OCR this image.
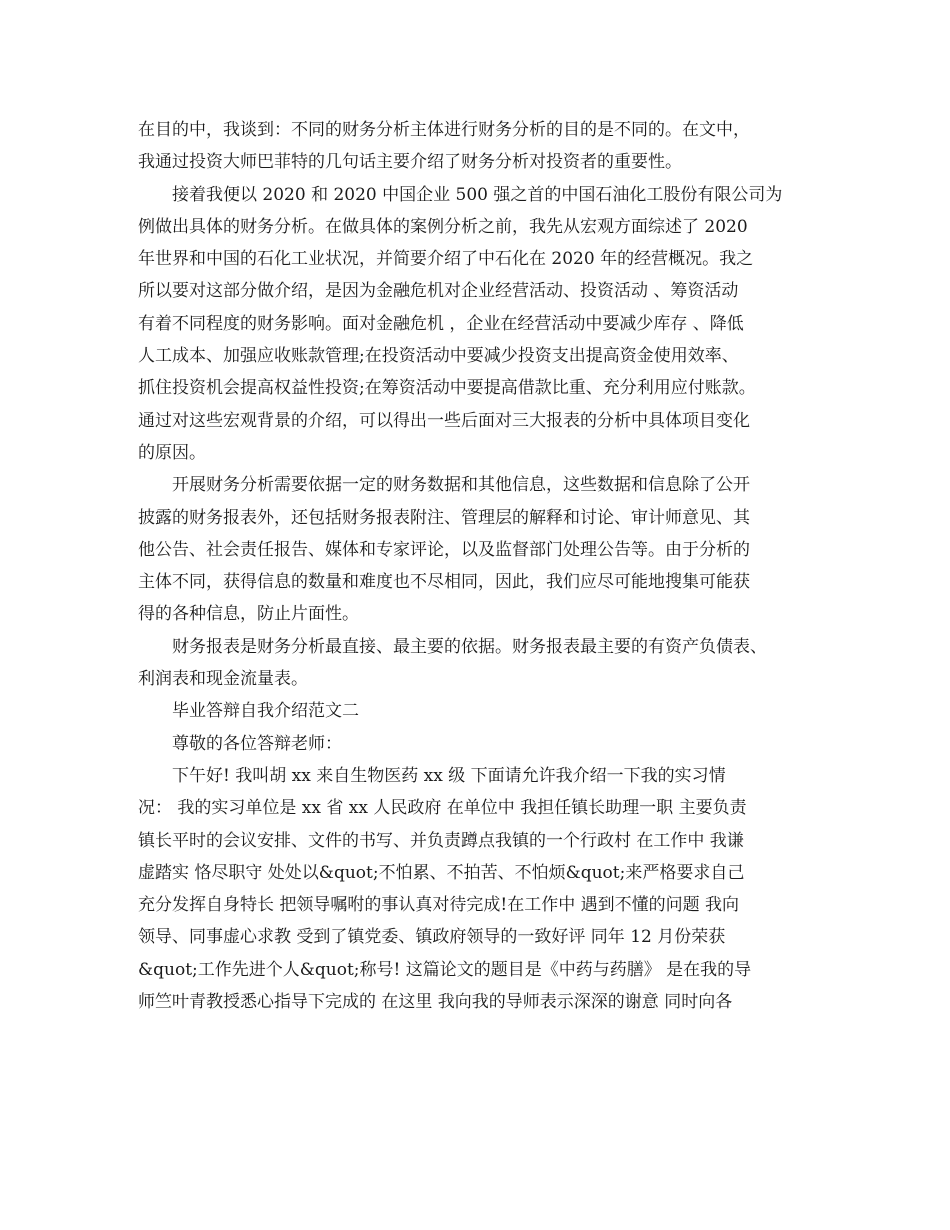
在目的中，我谈到：不同的财务分析主体进行财务分析的目的是不同的。在文中，
我通过投资大师巴菲特的几句话主要介绍了财务分析对投资者的重要性。
接着我便以 2020 和 2020 中国企业 500 强之首的中国石油化工股份有限公司为
例做出具体的财务分析。在做具体的案例分析之前，我先从宏观方面综述了 2020
年世界和中国的石化工业状况，并简要介绍了中石化在 2020 年的经营概况。我之
所以要对这部分做介绍，是因为金融危机对企业经营活动、投资活动 、筹资活动
有着不同程度的财务影响。面对金融危机 ，企业在经营活动中要减少库存 、降低
人工成本、加强应收账款管理;在投资活动中要减少投资支出提高资金使用效率、
抓住投资机会提高权益性投资;在筹资活动中要提高借款比重、充分利用应付账款。
通过对这些宏观背景的介绍，可以得出一些后面对三大报表的分析中具体项目变化
的原因。
开展财务分析需要依据一定的财务数据和其他信息，这些数据和信息除了公开
披露的财务报表外，还包括财务报表附注、管理层的解释和讨论、审计师意见、其
他公告、社会责任报告、媒体和专家评论，以及监督部门处理公告等。由于分析的
主体不同，获得信息的数量和难度也不尽相同，因此，我们应尽可能地搜集可能获
得的各种信息，防止片面性。
财务报表是财务分析最直接、最主要的依据。财务报表最主要的有资产负债表、
利润表和现金流量表。
毕业答辩自我介绍范文二
尊敬的各位答辩老师：
下午好! 我叫胡 xx 来自生物医药 xx 级 下面请允许我介绍一下我的实习情
况： 我的实习单位是 xx 省 xx 人民政府 在单位中 我担任镇长助理一职 主要负责
镇长平时的会议安排、文件的书写、并负责蹲点我镇的一个行政村 在工作中 我谦
虚踏实 恪尽职守 处处以&quot;不怕累、不拍苦、不怕烦&quot;来严格要求自己
充分发挥自身特长 把领导嘱咐的事认真对待完成!在工作中 遇到不懂的问题 我向
领导、同事虚心求教 受到了镇党委、镇政府领导的一致好评 同年 12 月份荣获
&quot;工作先进个人&quot;称号! 这篇论文的题目是《中药与药膳》 是在我的导
师竺叶青教授悉心指导下完成的 在这里 我向我的导师表示深深的谢意 同时向各
